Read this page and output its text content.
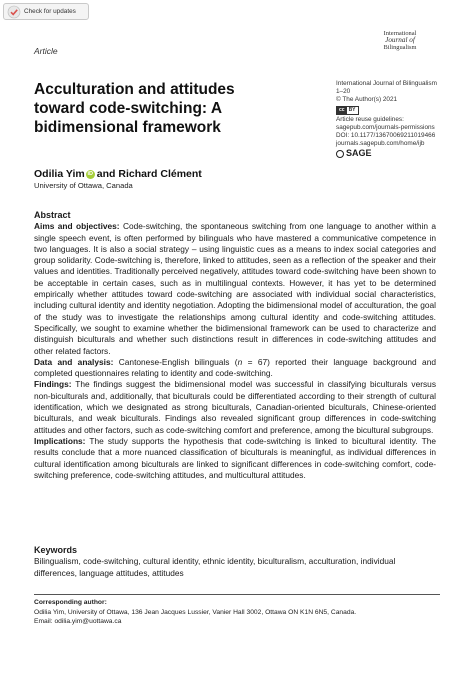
Check for updates
Article
International
Journal of
Bilingualism
International Journal of Bilingualism
1–20
© The Author(s) 2021
cc BY
Article reuse guidelines:
sagepub.com/journals-permissions
DOI: 10.1177/13670069211019466
journals.sagepub.com/home/ijb
SAGE
Acculturation and attitudes
toward code-switching: A
bidimensional framework
Odilia Yim iD and Richard Clément
University of Ottawa, Canada
Abstract

Aims and objectives: Code-switching, the spontaneous switching from one language to another within a single speech event, is often performed by bilinguals who have mastered a communicative competence in two languages. It is also a social strategy – using linguistic cues as a means to index social categories and group solidarity. Code-switching is, therefore, linked to attitudes, seen as a reflection of the speaker and their values and identities. Traditionally perceived negatively, attitudes toward code-switching have been shown to be acceptable in certain cases, such as in multilingual contexts. However, it has yet to be determined empirically whether attitudes toward code-switching are associated with individual social characteristics, including cultural identity and identity negotiation. Adopting the bidimensional model of acculturation, the goal of the study was to investigate the relationships among cultural identity and code-switching attitudes. Specifically, we sought to examine whether the bidimensional framework can be used to characterize and distinguish biculturals and whether such distinctions result in differences in code-switching attitudes and other related factors.

Data and analysis: Cantonese-English bilinguals (n = 67) reported their language background and completed questionnaires relating to identity and code-switching.

Findings: The findings suggest the bidimensional model was successful in classifying biculturals versus non-biculturals and, additionally, that biculturals could be differentiated according to their strength of cultural identification, which we designated as strong biculturals, Canadian-oriented biculturals, Chinese-oriented biculturals, and weak biculturals. Findings also revealed significant group differences in code-switching attitudes and other factors, such as code-switching comfort and preference, among the bicultural subgroups.

Implications: The study supports the hypothesis that code-switching is linked to bicultural identity. The results conclude that a more nuanced classification of biculturals is meaningful, as individual differences in cultural identification among biculturals are linked to significant differences in code-switching comfort, code-switching preference, code-switching attitudes, and multicultural attitudes.

Keywords
Bilingualism, code-switching, cultural identity, ethnic identity, biculturalism, acculturation, individual differences, language attitudes, attitudes
Corresponding author:
Odilia Yim, University of Ottawa, 136 Jean Jacques Lussier, Vanier Hall 3002, Ottawa ON K1N 6N5, Canada.
Email: odilia.yim@uottawa.ca
